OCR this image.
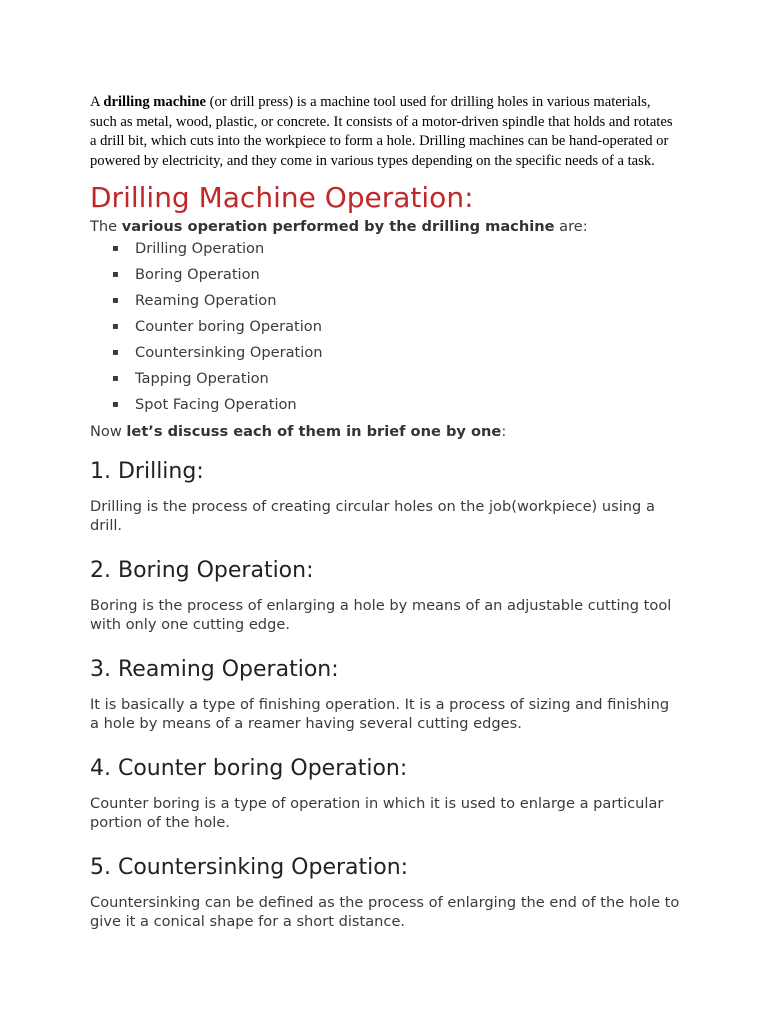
A drilling machine (or drill press) is a machine tool used for drilling holes in various materials, such as metal, wood, plastic, or concrete. It consists of a motor-driven spindle that holds and rotates a drill bit, which cuts into the workpiece to form a hole. Drilling machines can be hand-operated or powered by electricity, and they come in various types depending on the specific needs of a task.

Drilling Machine Operation:

The various operation performed by the drilling machine are:

▪ Drilling Operation
▪ Boring Operation
▪ Reaming Operation
▪ Counter boring Operation
▪ Countersinking Operation
▪ Tapping Operation
▪ Spot Facing Operation

Now let’s discuss each of them in brief one by one:

1. Drilling:

Drilling is the process of creating circular holes on the job(workpiece) using a drill.

2. Boring Operation:

Boring is the process of enlarging a hole by means of an adjustable cutting tool with only one cutting edge.

3. Reaming Operation:

It is basically a type of finishing operation. It is a process of sizing and finishing a hole by means of a reamer having several cutting edges.

4. Counter boring Operation:

Counter boring is a type of operation in which it is used to enlarge a particular portion of the hole.

5. Countersinking Operation:

Countersinking can be defined as the process of enlarging the end of the hole to give it a conical shape for a short distance.
